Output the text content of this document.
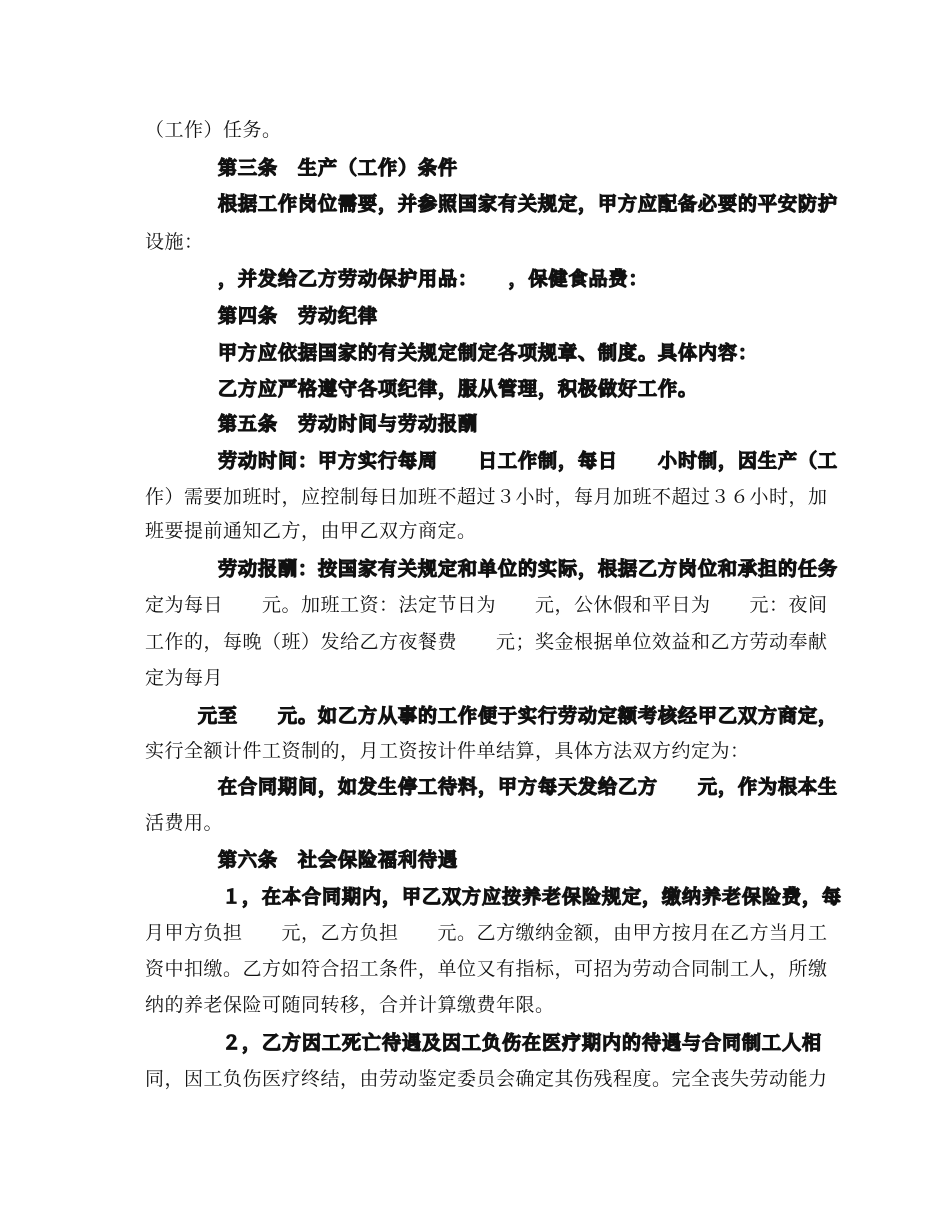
（工作）任务。
第三条　生产（工作）条件
根据工作岗位需要，并参照国家有关规定，甲方应配备必要的平安防护
设施：
，并发给乙方劳动保护用品：　　，保健食品费：
第四条　劳动纪律
甲方应依据国家的有关规定制定各项规章、制度。具体内容：
乙方应严格遵守各项纪律，服从管理，积极做好工作。
第五条　劳动时间与劳动报酬
劳动时间：甲方实行每周　　日工作制，每日　　小时制，因生产（工
作）需要加班时，应控制每日加班不超过３小时，每月加班不超过３６小时，加
班要提前通知乙方，由甲乙双方商定。
劳动报酬：按国家有关规定和单位的实际，根据乙方岗位和承担的任务
定为每日　　元。加班工资：法定节日为　　元，公休假和平日为　　元：夜间
工作的，每晚（班）发给乙方夜餐费　　元；奖金根据单位效益和乙方劳动奉献
定为每月
元至　　元。如乙方从事的工作便于实行劳动定额考核经甲乙双方商定，
实行全额计件工资制的，月工资按计件单结算，具体方法双方约定为：
在合同期间，如发生停工待料，甲方每天发给乙方　　元，作为根本生
活费用。
第六条　社会保险福利待遇
１，在本合同期内，甲乙双方应按养老保险规定，缴纳养老保险费，每
月甲方负担　　元，乙方负担　　元。乙方缴纳金额，由甲方按月在乙方当月工
资中扣缴。乙方如符合招工条件，单位又有指标，可招为劳动合同制工人，所缴
纳的养老保险可随同转移，合并计算缴费年限。
２，乙方因工死亡待遇及因工负伤在医疗期内的待遇与合同制工人相
同，因工负伤医疗终结，由劳动鉴定委员会确定其伤残程度。完全丧失劳动能力
